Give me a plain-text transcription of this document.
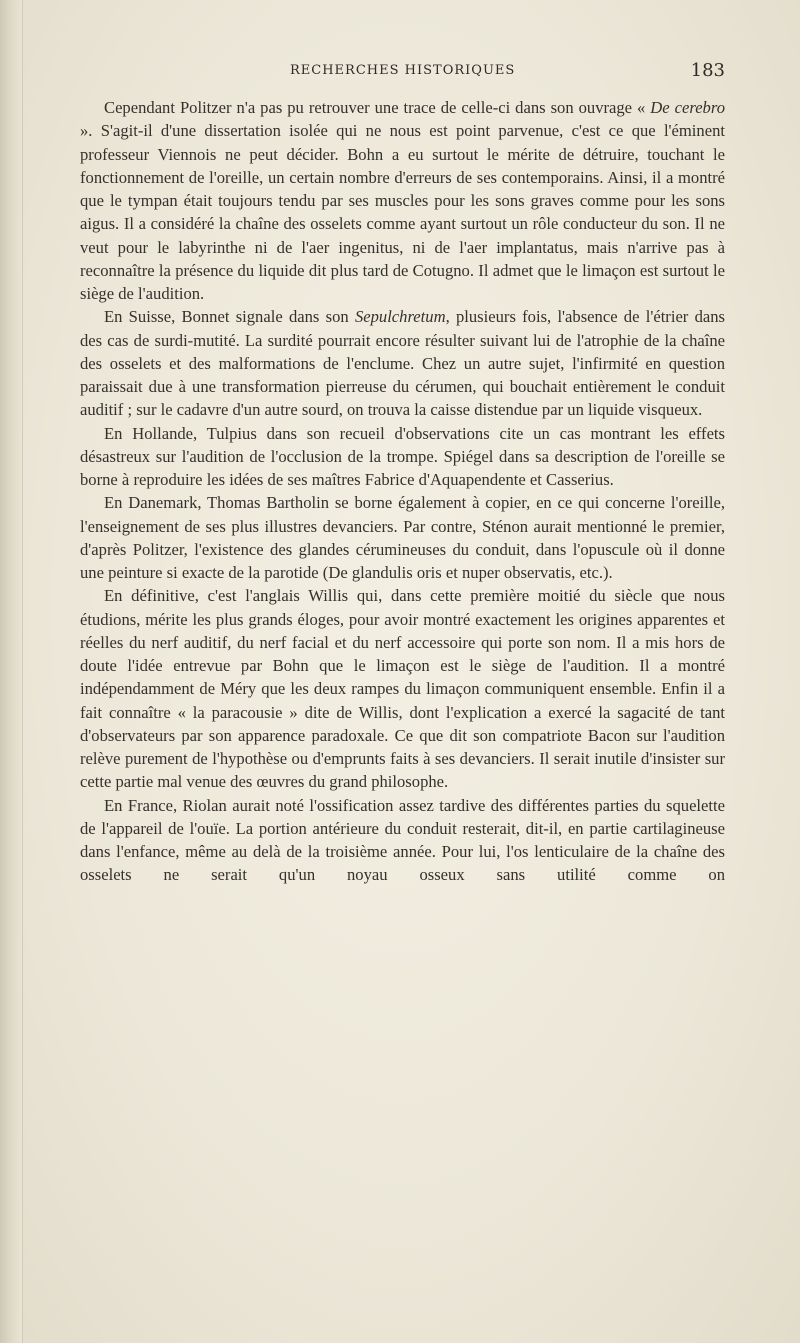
RECHERCHES HISTORIQUES	183

Cependant Politzer n'a pas pu retrouver une trace de celle-ci dans son ouvrage « De cerebro ». S'agit-il d'une dissertation isolée qui ne nous est point parvenue, c'est ce que l'éminent professeur Viennois ne peut décider. Bohn a eu surtout le mérite de détruire, touchant le fonctionnement de l'oreille, un certain nombre d'erreurs de ses contemporains. Ainsi, il a montré que le tympan était toujours tendu par ses muscles pour les sons graves comme pour les sons aigus. Il a considéré la chaîne des osselets comme ayant surtout un rôle conducteur du son. Il ne veut pour le labyrinthe ni de l'aer ingenitus, ni de l'aer implantatus, mais n'arrive pas à reconnaître la présence du liquide dit plus tard de Cotugno. Il admet que le limaçon est surtout le siège de l'audition.

En Suisse, Bonnet signale dans son Sepulchretum, plusieurs fois, l'absence de l'étrier dans des cas de surdi-mutité. La surdité pourrait encore résulter suivant lui de l'atrophie de la chaîne des osselets et des malformations de l'enclume. Chez un autre sujet, l'infirmité en question paraissait due à une transformation pierreuse du cérumen, qui bouchait entièrement le conduit auditif ; sur le cadavre d'un autre sourd, on trouva la caisse distendue par un liquide visqueux.

En Hollande, Tulpius dans son recueil d'observations cite un cas montrant les effets désastreux sur l'audition de l'occlusion de la trompe. Spiégel dans sa description de l'oreille se borne à reproduire les idées de ses maîtres Fabrice d'Aquapendente et Casserius.

En Danemark, Thomas Bartholin se borne également à copier, en ce qui concerne l'oreille, l'enseignement de ses plus illustres devanciers. Par contre, Sténon aurait mentionné le premier, d'après Politzer, l'existence des glandes cérumineuses du conduit, dans l'opuscule où il donne une peinture si exacte de la parotide (De glandulis oris et nuper observatis, etc.).

En définitive, c'est l'anglais Willis qui, dans cette première moitié du siècle que nous étudions, mérite les plus grands éloges, pour avoir montré exactement les origines apparentes et réelles du nerf auditif, du nerf facial et du nerf accessoire qui porte son nom. Il a mis hors de doute l'idée entrevue par Bohn que le limaçon est le siège de l'audition. Il a montré indépendamment de Méry que les deux rampes du limaçon communiquent ensemble. Enfin il a fait connaître « la paracousie » dite de Willis, dont l'explication a exercé la sagacité de tant d'observateurs par son apparence paradoxale. Ce que dit son compatriote Bacon sur l'audition relève purement de l'hypothèse ou d'emprunts faits à ses devanciers. Il serait inutile d'insister sur cette partie mal venue des œuvres du grand philosophe.

En France, Riolan aurait noté l'ossification assez tardive des différentes parties du squelette de l'appareil de l'ouïe. La portion antérieure du conduit resterait, dit-il, en partie cartilagineuse dans l'enfance, même au delà de la troisième année. Pour lui, l'os lenticulaire de la chaîne des osselets ne serait qu'un noyau osseux sans utilité comme on
